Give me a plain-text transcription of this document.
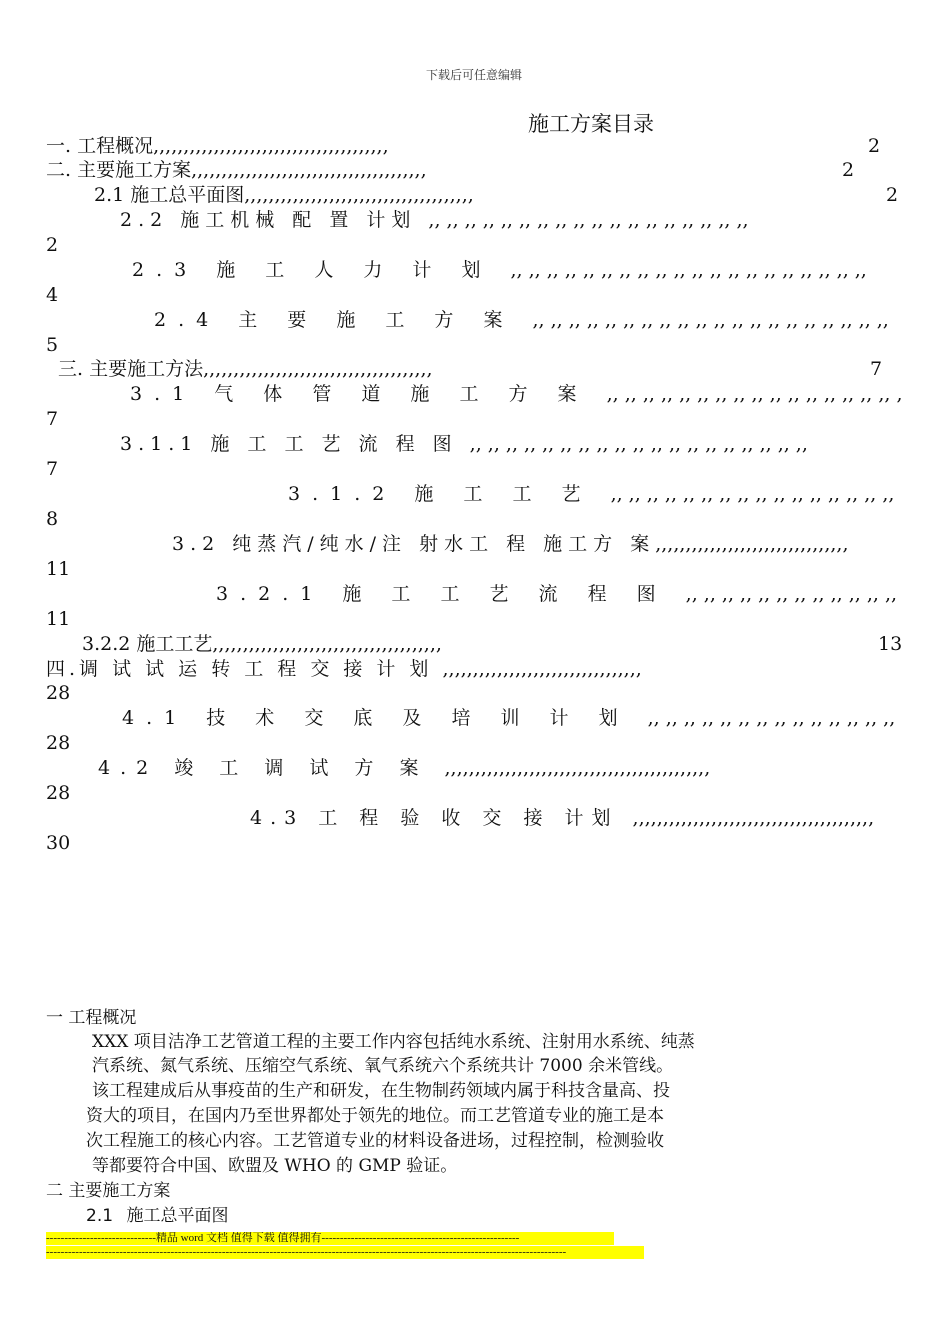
下载后可任意编辑
施工方案目录
一. 工程概况,,,,,,,,,,,,,,,,,,,,,,,,,,,,,,,,,,,,,,,	2
二. 主要施工方案,,,,,,,,,,,,,,,,,,,,,,,,,,,,,,,,,,,,,,,	2
2.1 施工总平面图,,,,,,,,,,,,,,,,,,,,,,,,,,,,,,,,,,,,,,	2
2.2 施工机械 配 置 计划 ,, ,, ,, ,, ,, ,, ,, ,, ,, ,, ,, ,, ,, ,, ,, ,, ,, ,,
2
2.3 施 工 人 力 计 划 ,, ,, ,, ,, ,, ,, ,, ,, ,, ,, ,, ,, ,, ,, ,, ,, ,, ,, ,, ,,
4
2.4 主 要 施 工 方 案 ,, ,, ,, ,, ,, ,, ,, ,, ,, ,, ,, ,, ,, ,, ,, ,, ,, ,, ,, ,,
5
三. 主要施工方法,,,,,,,,,,,,,,,,,,,,,,,,,,,,,,,,,,,,,,	7
3.1 气 体 管 道 施 工 方 案 ,, ,, ,, ,, ,, ,, ,, ,, ,, ,, ,, ,, ,, ,, ,, ,, ,
7
3.1.1 施 工 工 艺 流 程 图 ,, ,, ,, ,, ,, ,, ,, ,, ,, ,, ,, ,, ,, ,, ,, ,, ,, ,, ,,
7
3.1.2 施 工 工 艺 ,, ,, ,, ,, ,, ,, ,, ,, ,, ,, ,, ,, ,, ,, ,, ,,
8
3.2 纯蒸汽/纯水/注 射水工 程 施工方 案,,,,,,,,,,,,,,,,,,,,,,,,,,,,,,,,
11
3.2.1 施 工 工 艺 流 程 图 ,, ,, ,, ,, ,, ,, ,, ,, ,, ,, ,, ,,
11
3.2.2 施工工艺,,,,,,,,,,,,,,,,,,,,,,,,,,,,,,,,,,,,,,	13
四.调 试 试 运 转 工 程 交 接 计 划 ,,,,,,,,,,,,,,,,,,,,,,,,,,,,,,,,,
28
4.1 技 术 交 底 及 培 训 计 划 ,, ,, ,, ,, ,, ,, ,, ,, ,, ,, ,, ,, ,, ,,
28
4.2 竣 工 调 试 方 案 ,,,,,,,,,,,,,,,,,,,,,,,,,,,,,,,,,,,,,,,,,,,,
28
4.3 工 程 验 收 交 接 计划 ,,,,,,,,,,,,,,,,,,,,,,,,,,,,,,,,,,,,,,,,
30
一 工程概况
XXX 项目洁净工艺管道工程的主要工作内容包括纯水系统、注射用水系统、纯蒸
汽系统、氮气系统、压缩空气系统、氧气系统六个系统共计 7000 余米管线。
该工程建成后从事疫苗的生产和研发，在生物制药领域内属于科技含量高、投
资大的项目，在国内乃至世界都处于领先的地位。而工艺管道专业的施工是本
次工程施工的核心内容。工艺管道专业的材料设备进场，过程控制，检测验收
等都要符合中国、欧盟及 WHO 的 GMP 验证。
二 主要施工方案
2.1 施工总平面图
------------------------------精品 word 文档 值得下载 值得拥有------------------------------------------------------
----------------------------------------------------------------------------------------------------------------------------------------------
